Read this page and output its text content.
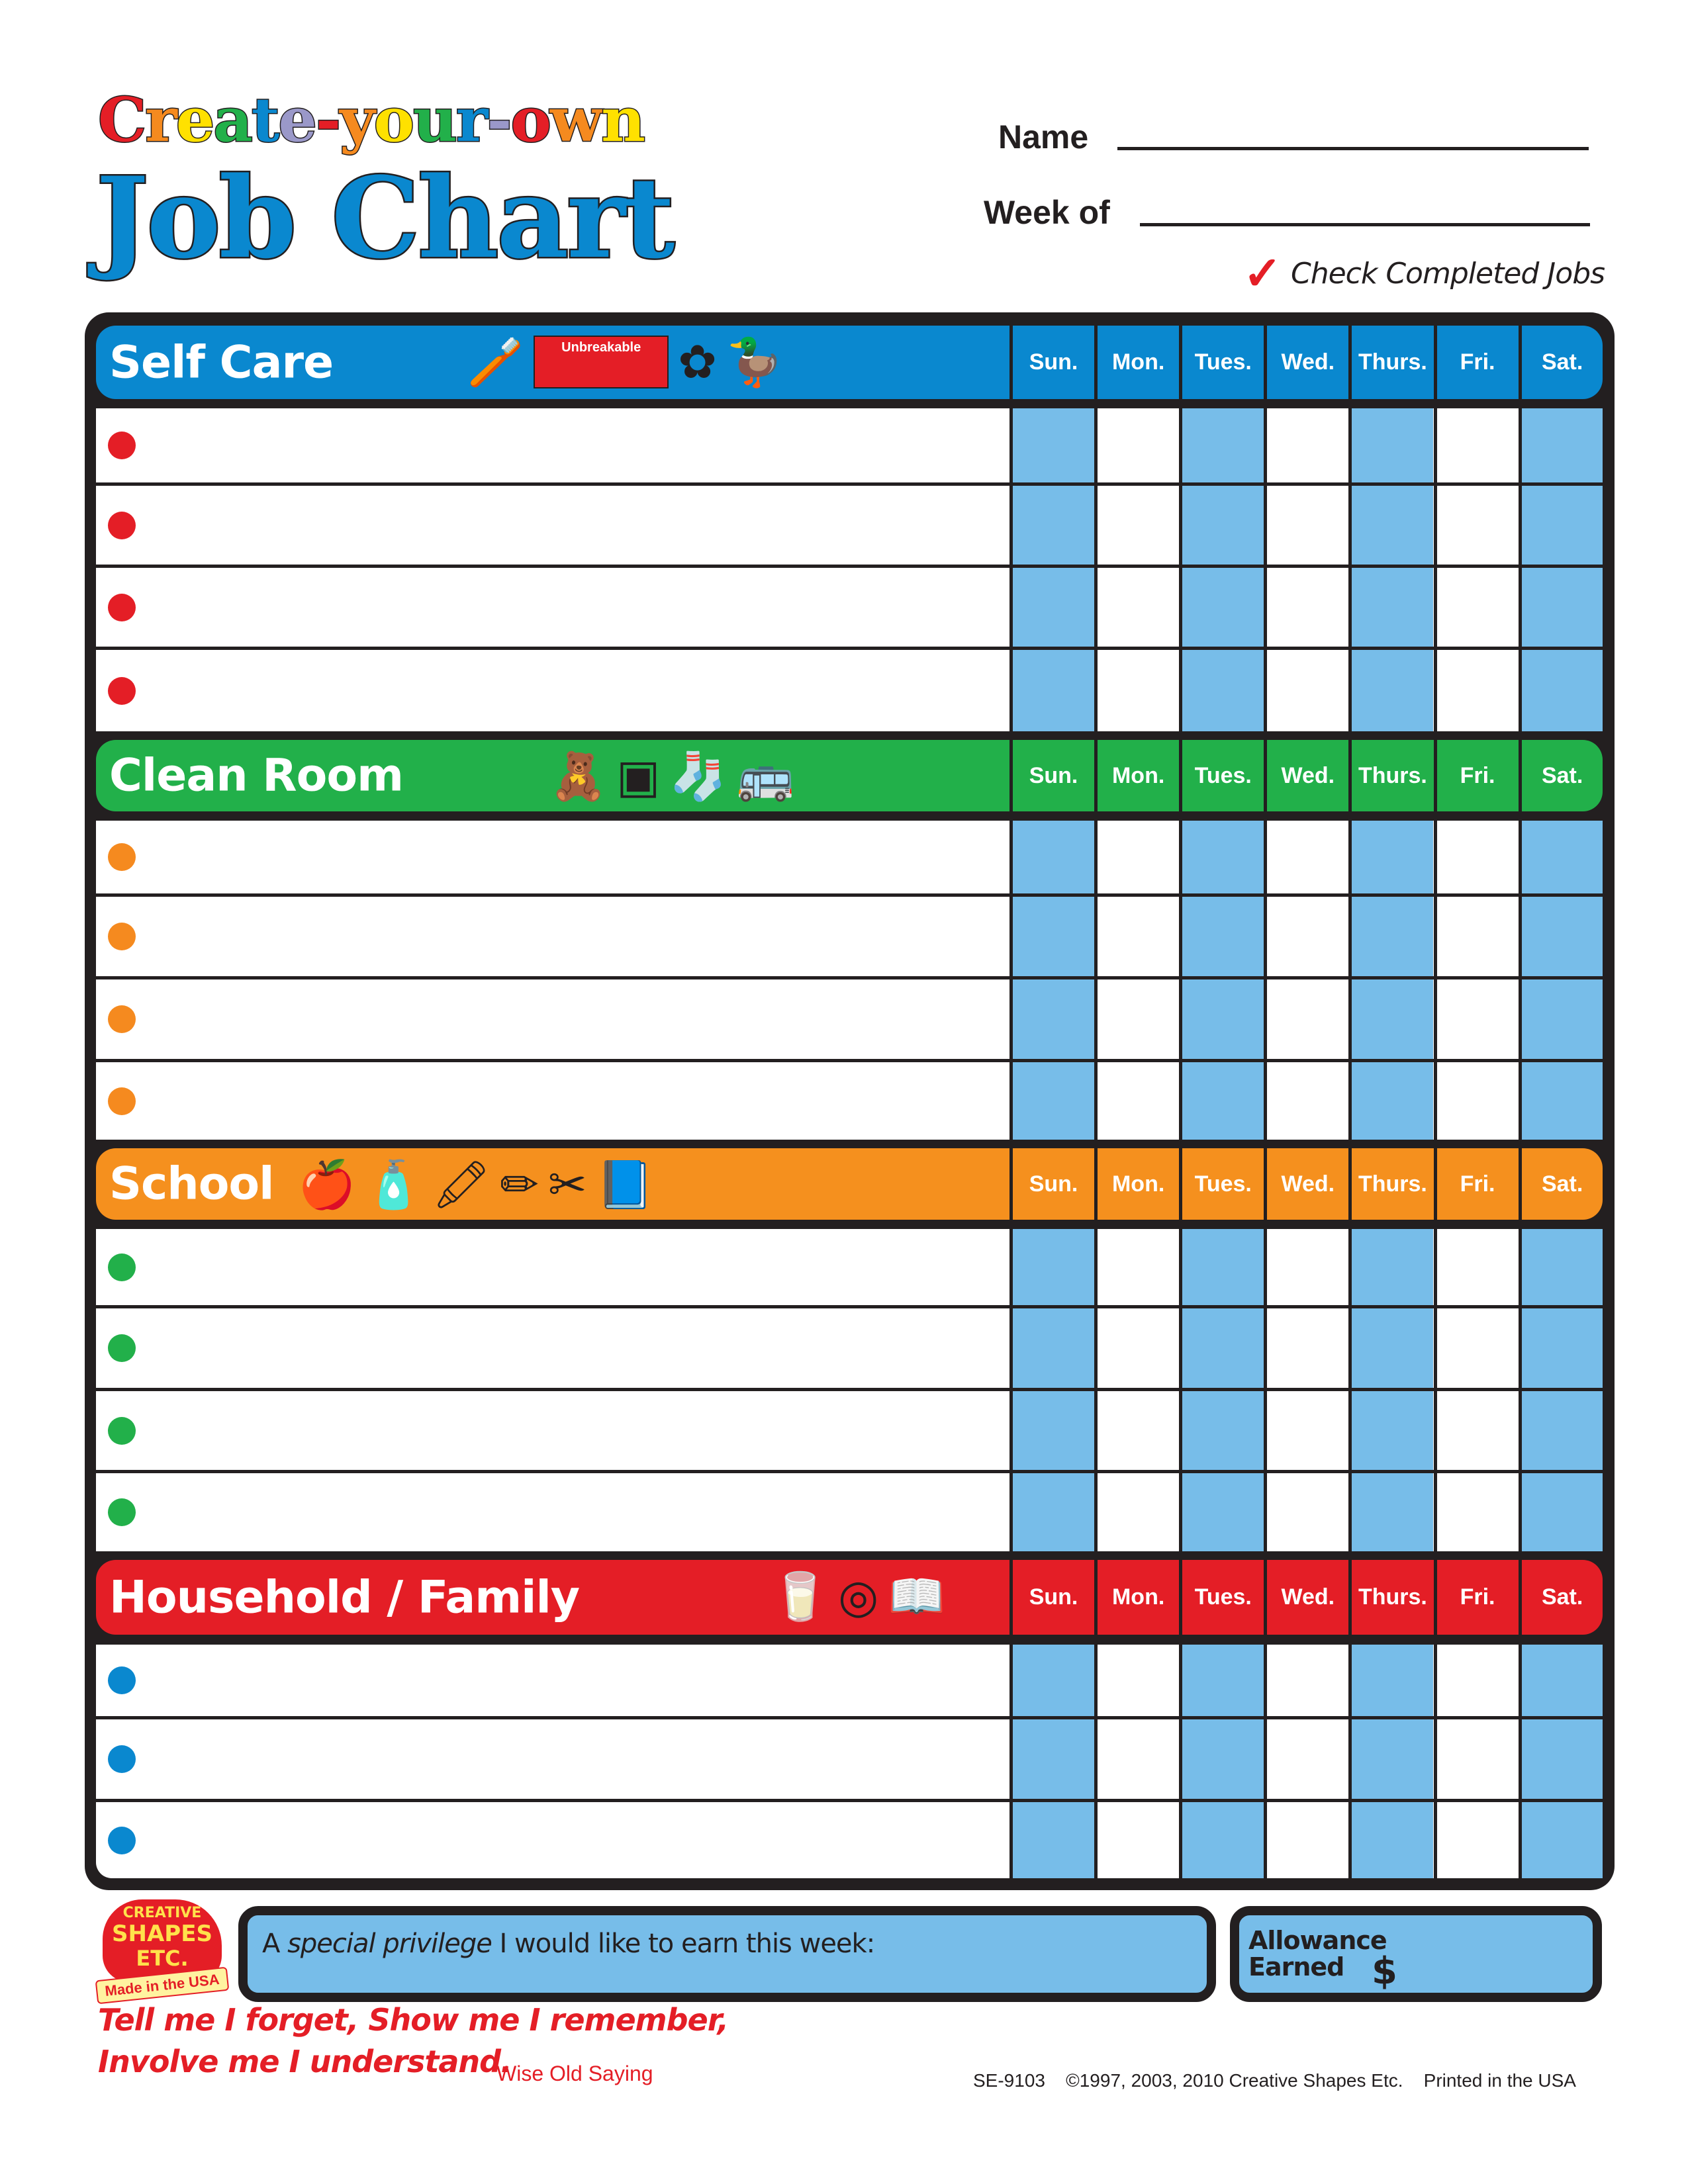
Create-your-own
Job Chart
Name
Week of
✓ Check Completed Jobs
Self Care	🪥	Unbreakable ✿ 🦆	Sun.	Mon.	Tues.	Wed.	Thurs.	Fri.	Sat.
Clean Room	🧸 ▣ 🧦 🚌	Sun.	Mon.	Tues.	Wed.	Thurs.	Fri.	Sat.
School 🍎 🧴 🖍 ✏ ✂ 📘	Sun.	Mon.	Tues.	Wed.	Thurs.	Fri.	Sat.
Household / Family	🥛 ◎ 📖	Sun.	Mon.	Tues.	Wed.	Thurs.	Fri.	Sat.
CREATIVE
SHAPES
ETC.
Made in the USA
A special privilege I would like to earn this week:	Allowance
Earned $
Tell me I forget, Show me I remember,
Involve me I understand.
Wise Old Saying	SE-9103 ©1997, 2003, 2010 Creative Shapes Etc. Printed in the USA
